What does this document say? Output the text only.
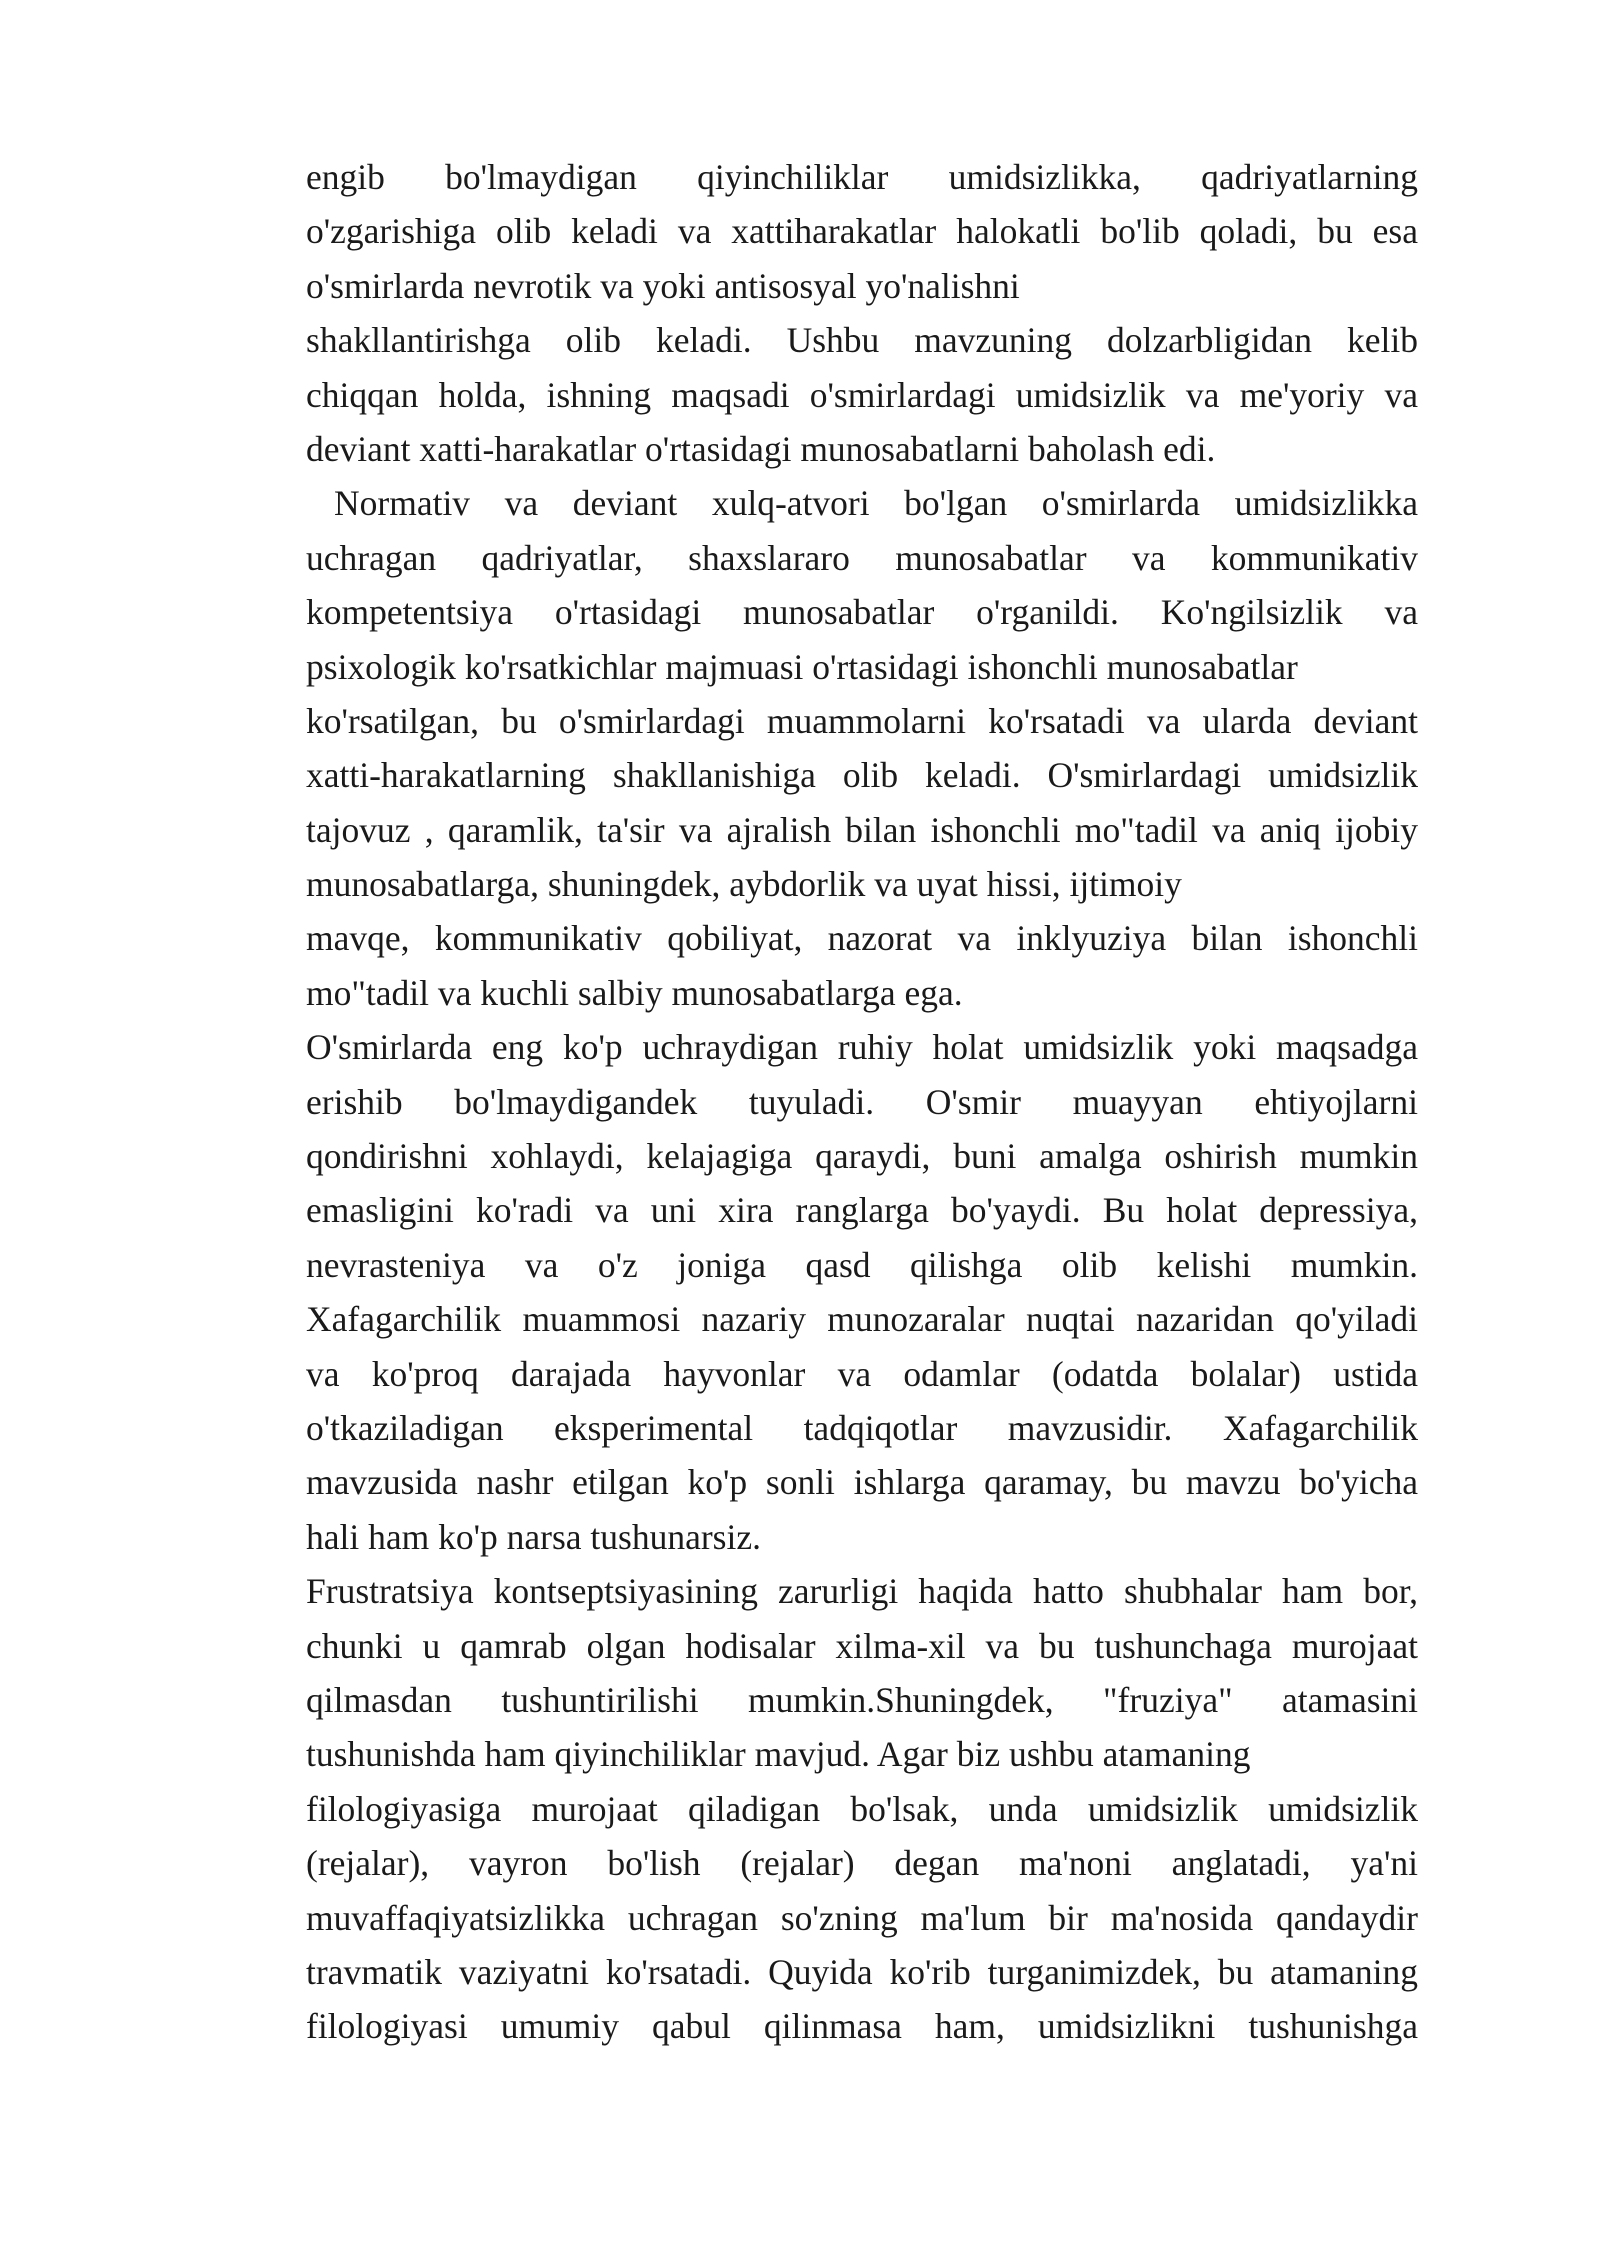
engib bo'lmaydigan qiyinchiliklar umidsizlikka, qadriyatlarning
o'zgarishiga olib keladi va xattiharakatlar halokatli bo'lib qoladi, bu esa
o'smirlarda nevrotik va yoki antisosyal yo'nalishni
shakllantirishga olib keladi. Ushbu mavzuning dolzarbligidan kelib
chiqqan holda, ishning maqsadi o'smirlardagi umidsizlik va me'yoriy va
deviant xatti-harakatlar o'rtasidagi munosabatlarni baholash edi.
Normativ va deviant xulq-atvori bo'lgan o'smirlarda umidsizlikka
uchragan qadriyatlar, shaxslararo munosabatlar va kommunikativ
kompetentsiya o'rtasidagi munosabatlar o'rganildi. Ko'ngilsizlik va
psixologik ko'rsatkichlar majmuasi o'rtasidagi ishonchli munosabatlar
ko'rsatilgan, bu o'smirlardagi muammolarni ko'rsatadi va ularda deviant
xatti-harakatlarning shakllanishiga olib keladi. O'smirlardagi umidsizlik
tajovuz , qaramlik, ta'sir va ajralish bilan ishonchli mo"tadil va aniq ijobiy
munosabatlarga, shuningdek, aybdorlik va uyat hissi, ijtimoiy
mavqe, kommunikativ qobiliyat, nazorat va inklyuziya bilan ishonchli
mo"tadil va kuchli salbiy munosabatlarga ega.
O'smirlarda eng ko'p uchraydigan ruhiy holat umidsizlik yoki maqsadga
erishib bo'lmaydigandek tuyuladi. O'smir muayyan ehtiyojlarni
qondirishni xohlaydi, kelajagiga qaraydi, buni amalga oshirish mumkin
emasligini ko'radi va uni xira ranglarga bo'yaydi. Bu holat depressiya,
nevrasteniya va o'z joniga qasd qilishga olib kelishi mumkin.
Xafagarchilik muammosi nazariy munozaralar nuqtai nazaridan qo'yiladi
va ko'proq darajada hayvonlar va odamlar (odatda bolalar) ustida
o'tkaziladigan eksperimental tadqiqotlar mavzusidir. Xafagarchilik
mavzusida nashr etilgan ko'p sonli ishlarga qaramay, bu mavzu bo'yicha
hali ham ko'p narsa tushunarsiz.
Frustratsiya kontseptsiyasining zarurligi haqida hatto shubhalar ham bor,
chunki u qamrab olgan hodisalar xilma-xil va bu tushunchaga murojaat
qilmasdan tushuntirilishi mumkin.Shuningdek, "fruziya" atamasini
tushunishda ham qiyinchiliklar mavjud. Agar biz ushbu atamaning
filologiyasiga murojaat qiladigan bo'lsak, unda umidsizlik umidsizlik
(rejalar), vayron bo'lish (rejalar) degan ma'noni anglatadi, ya'ni
muvaffaqiyatsizlikka uchragan so'zning ma'lum bir ma'nosida qandaydir
travmatik vaziyatni ko'rsatadi. Quyida ko'rib turganimizdek, bu atamaning
filologiyasi umumiy qabul qilinmasa ham, umidsizlikni tushunishga
